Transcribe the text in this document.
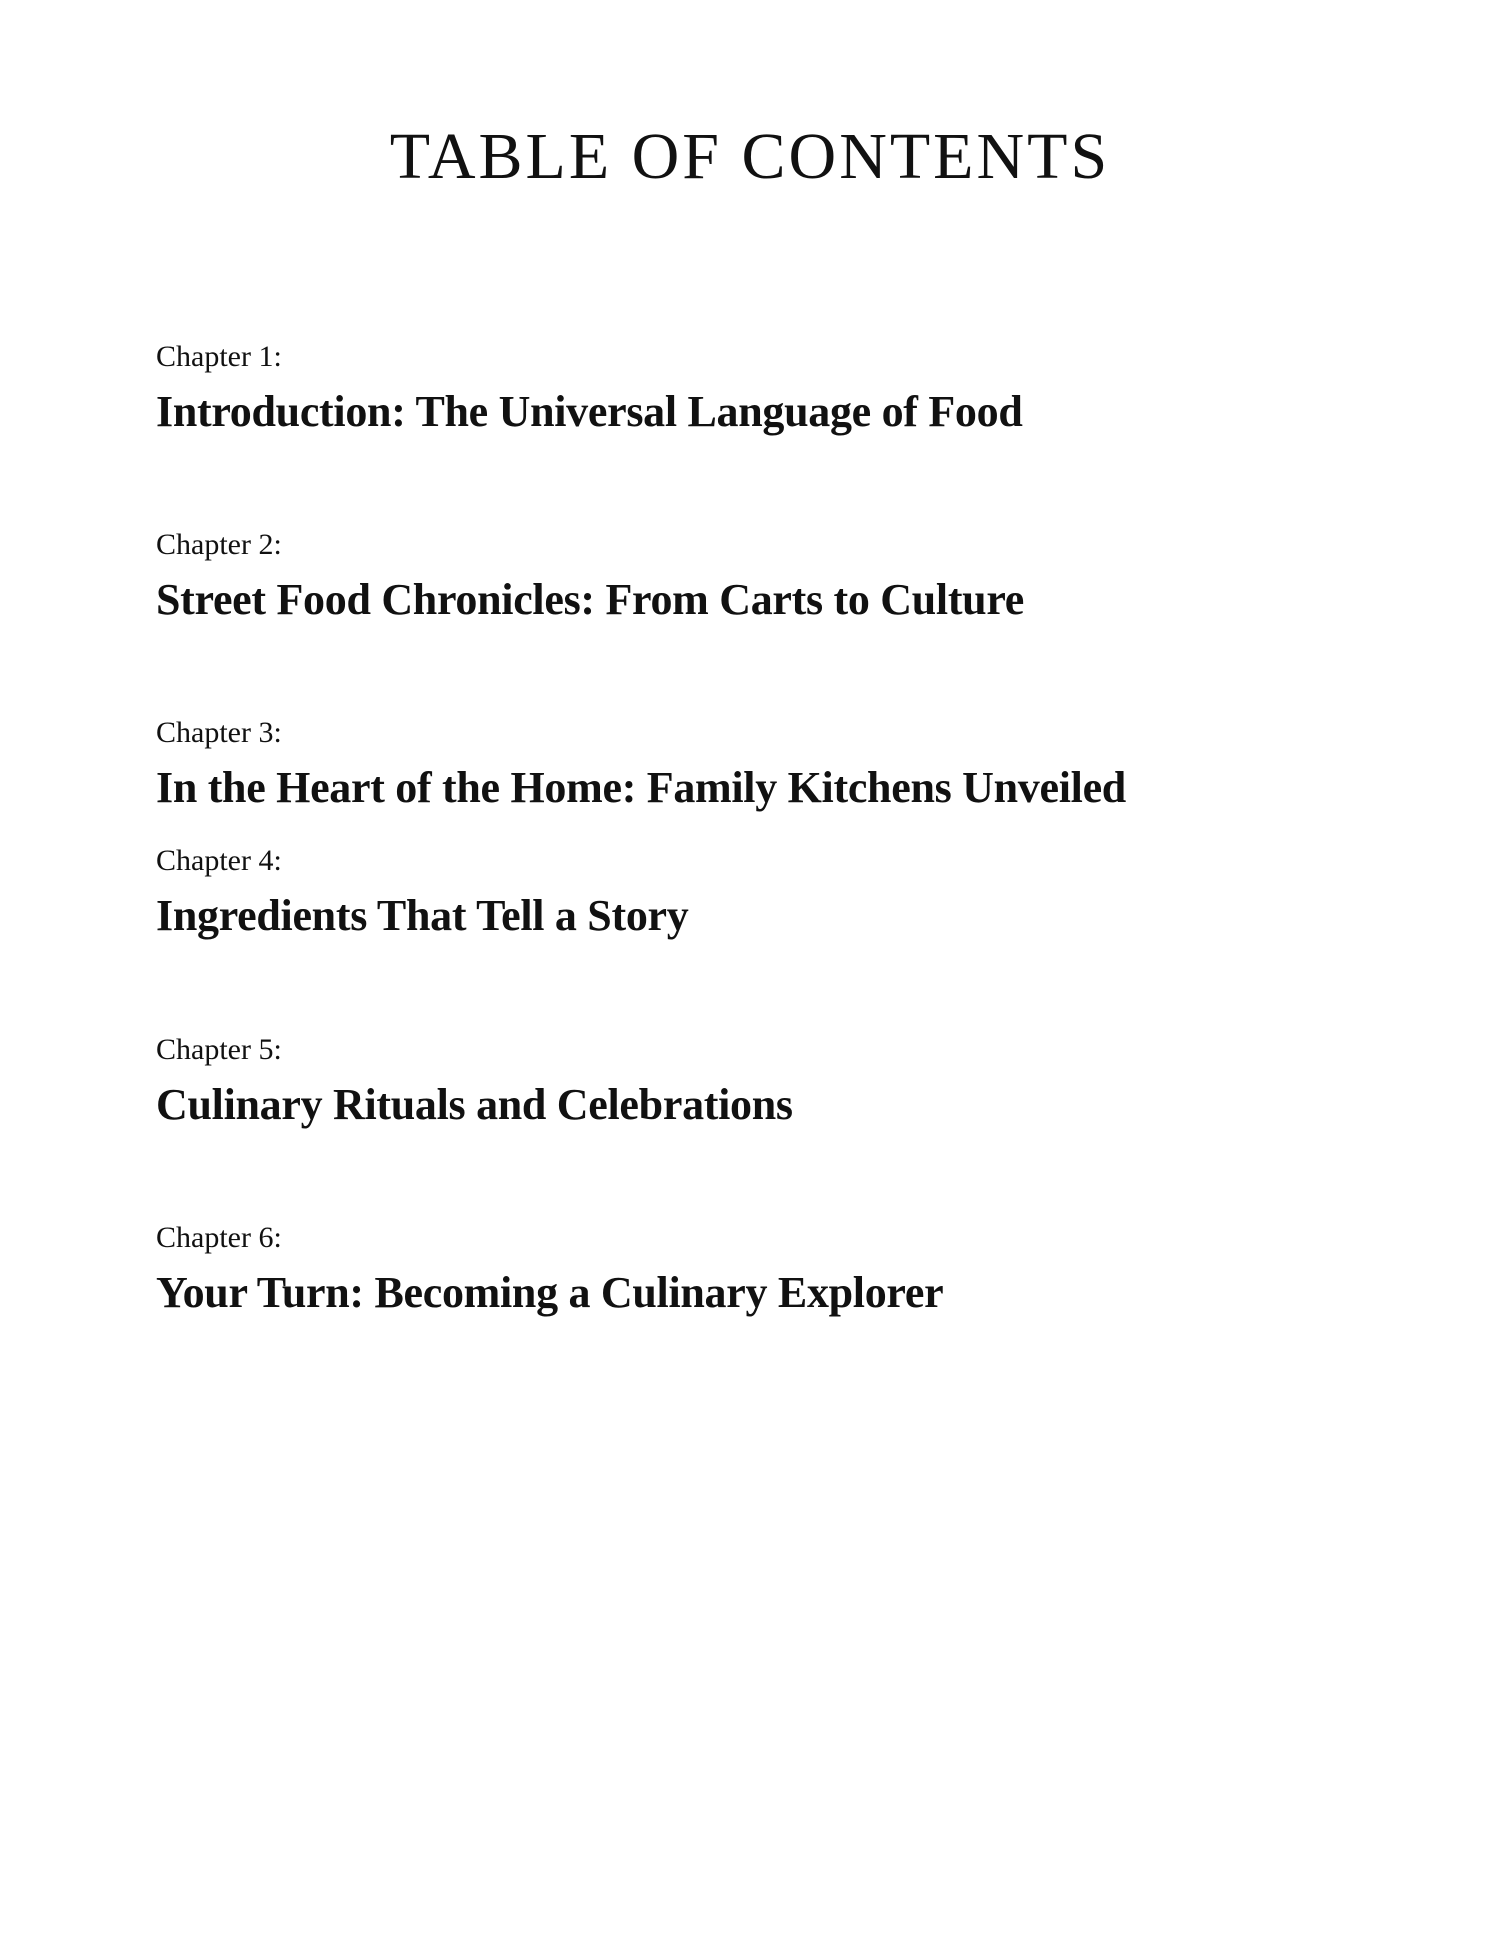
TABLE OF CONTENTS
Chapter 1:
Introduction: The Universal Language of Food
Chapter 2:
Street Food Chronicles: From Carts to Culture
Chapter 3:
In the Heart of the Home: Family Kitchens Unveiled
Chapter 4:
Ingredients That Tell a Story
Chapter 5:
Culinary Rituals and Celebrations
Chapter 6:
Your Turn: Becoming a Culinary Explorer
